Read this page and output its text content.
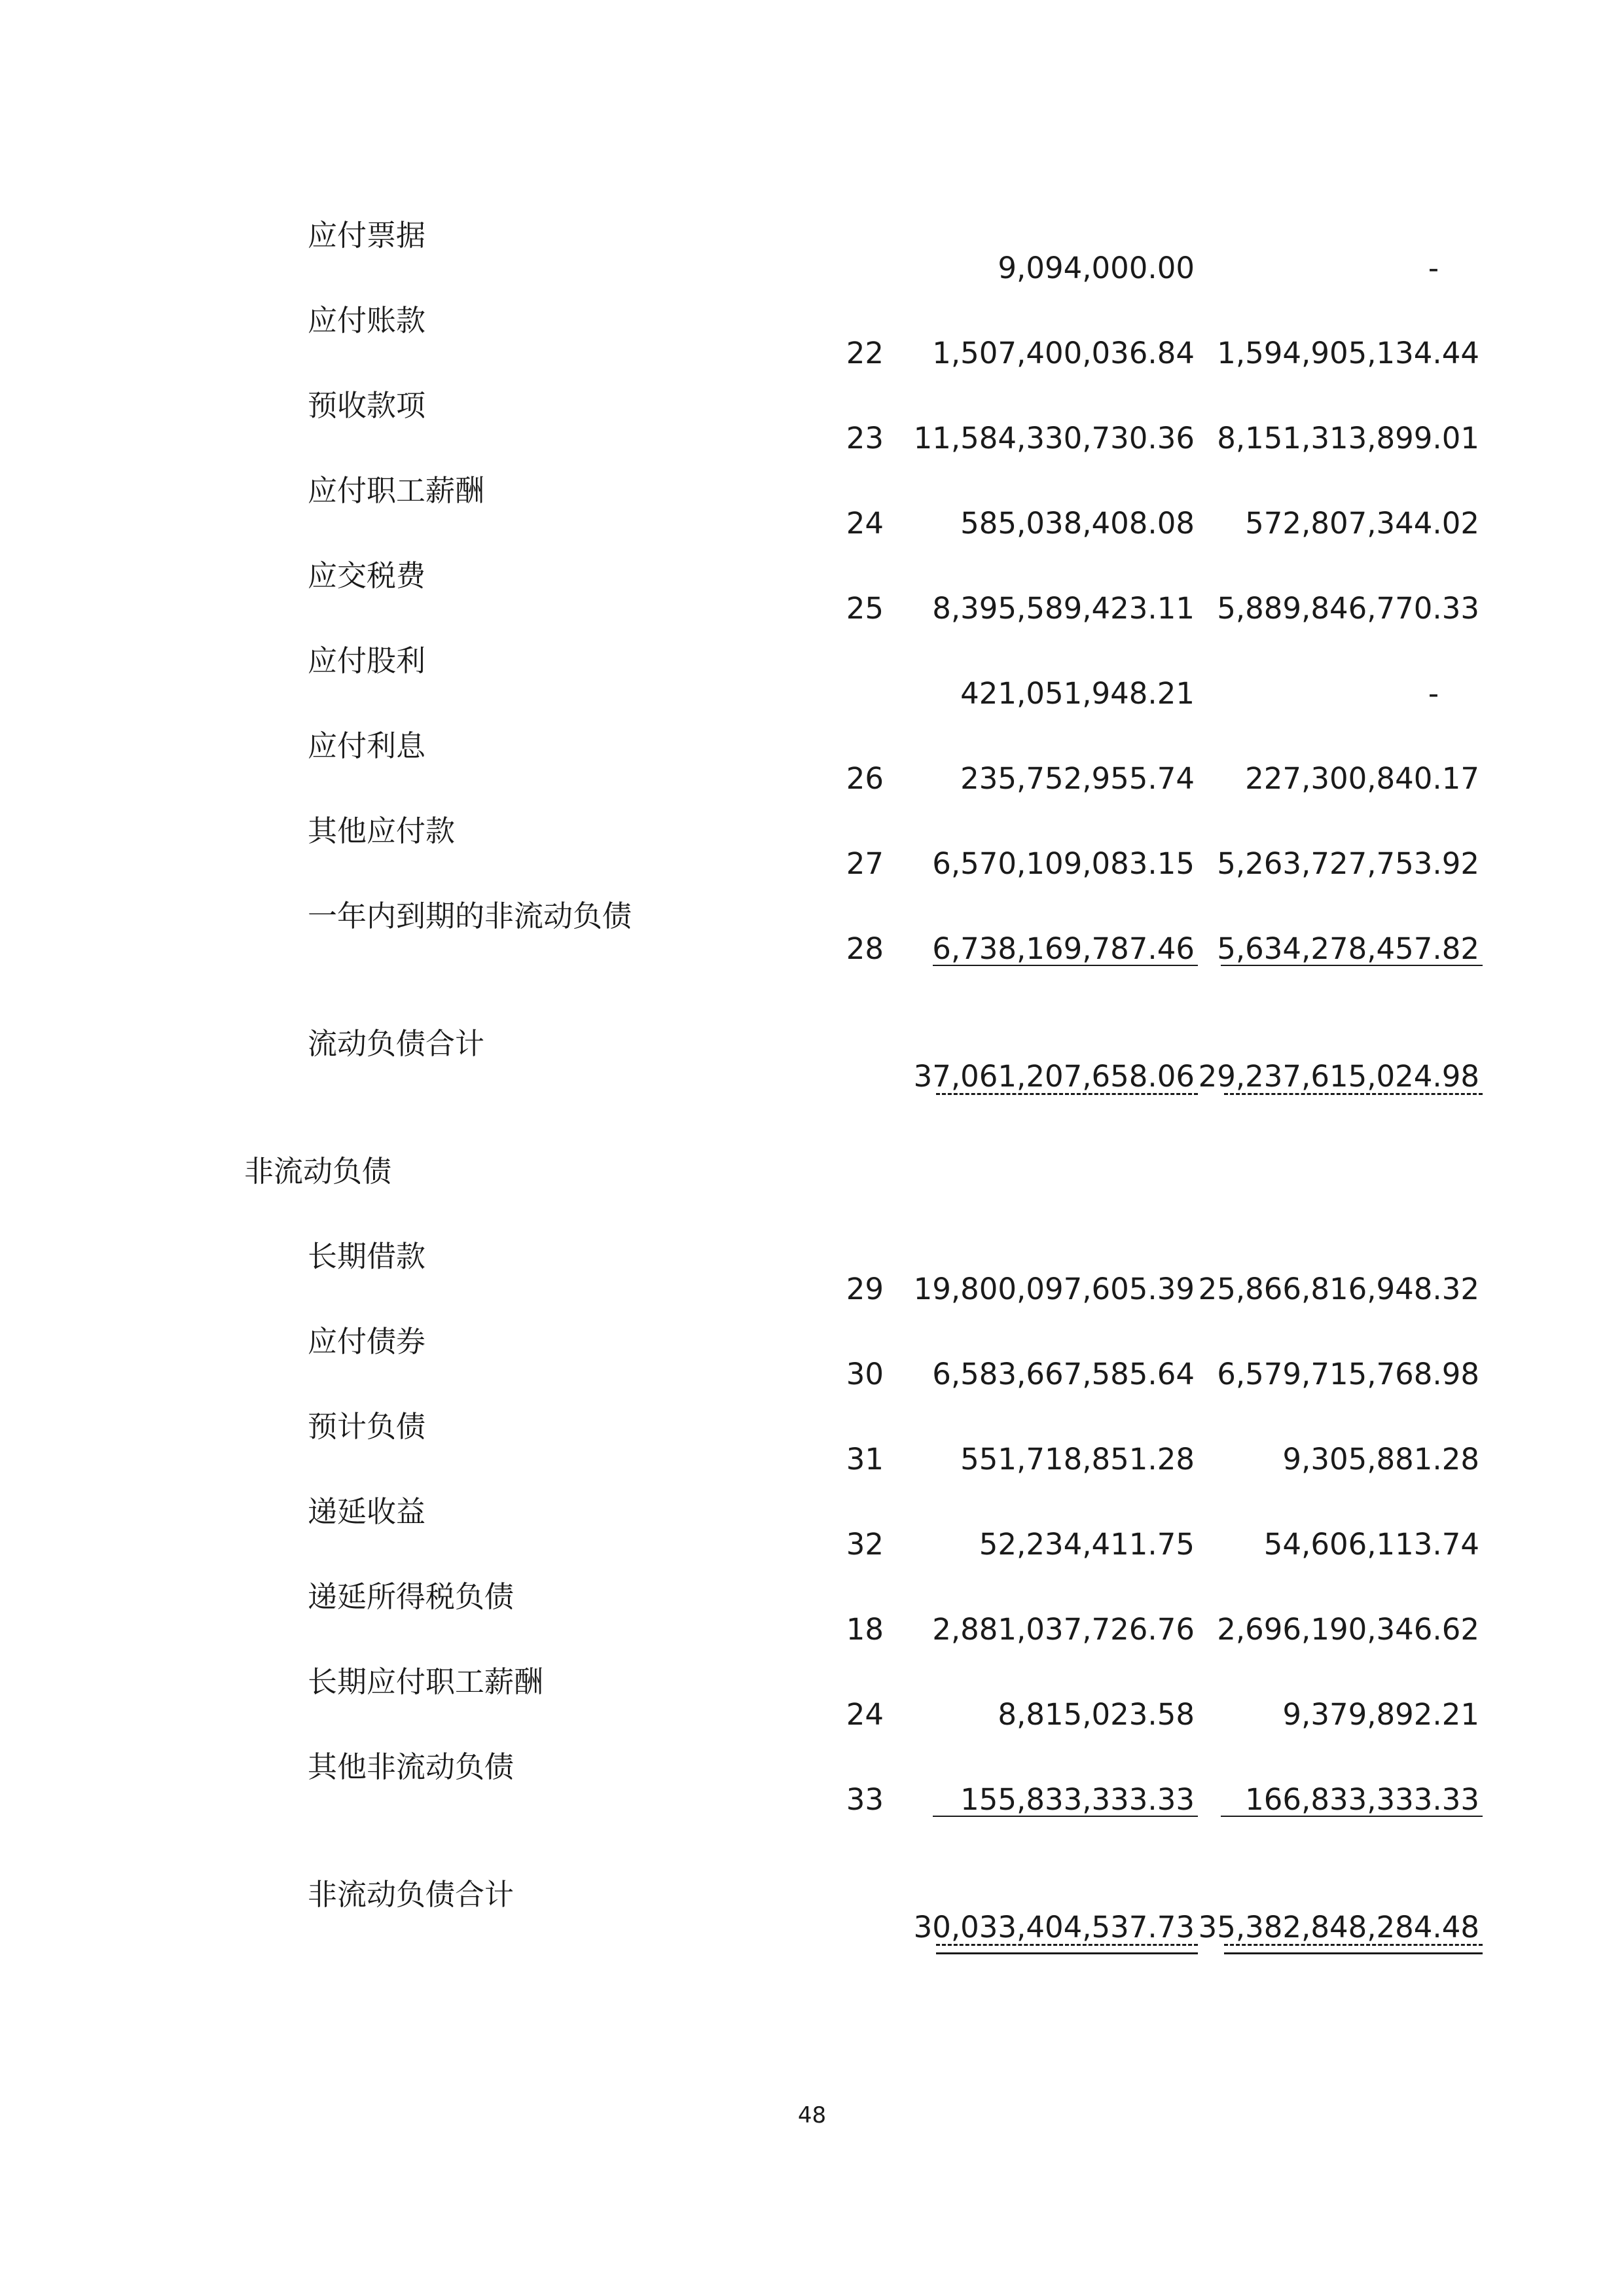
应付票据
9,094,000.00	-
应付账款
22	1,507,400,036.84 1,594,905,134.44
预收款项
23	11,584,330,730.36 8,151,313,899.01
应付职工薪酬
24	585,038,408.08	572,807,344.02
应交税费
25	8,395,589,423.11 5,889,846,770.33
应付股利
421,051,948.21	-
应付利息
26	235,752,955.74	227,300,840.17
其他应付款
27	6,570,109,083.15 5,263,727,753.92
一年内到期的非流动负债
28	6,738,169,787.46 5,634,278,457.82
流动负债合计
37,061,207,658.06 29,237,615,024.98
非流动负债
长期借款
29	19,800,097,605.39 25,866,816,948.32
应付债券
30	6,583,667,585.64 6,579,715,768.98
预计负债
31	551,718,851.28	9,305,881.28
递延收益
32	52,234,411.75	54,606,113.74
递延所得税负债
18	2,881,037,726.76 2,696,190,346.62
长期应付职工薪酬
24	8,815,023.58	9,379,892.21
其他非流动负债
33	155,833,333.33	166,833,333.33
非流动负债合计
30,033,404,537.73 35,382,848,284.48
48
